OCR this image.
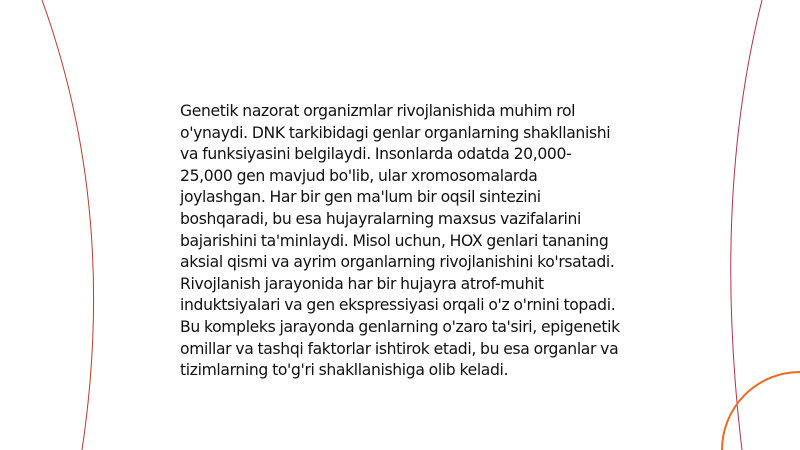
Genetik nazorat organizmlar rivojlanishida muhim rol o'ynaydi. DNK tarkibidagi genlar organlarning shakllanishi va funksiyasini belgilaydi. Insonlarda odatda 20,000-25,000 gen mavjud bo'lib, ular xromosomalarda joylashgan. Har bir gen ma'lum bir oqsil sintezini boshqaradi, bu esa hujayralarning maxsus vazifalarini bajarishini ta'minlaydi. Misol uchun, HOX genlari tananing aksial qismi va ayrim organlarning rivojlanishini ko'rsatadi. Rivojlanish jarayonida har bir hujayra atrof-muhit induktsiyalari va gen ekspressiyasi orqali o'z o'rnini topadi. Bu kompleks jarayonda genlarning o'zaro ta'siri, epigenetik omillar va tashqi faktorlar ishtirok etadi, bu esa organlar va tizimlarning to'g'ri shakllanishiga olib keladi.
